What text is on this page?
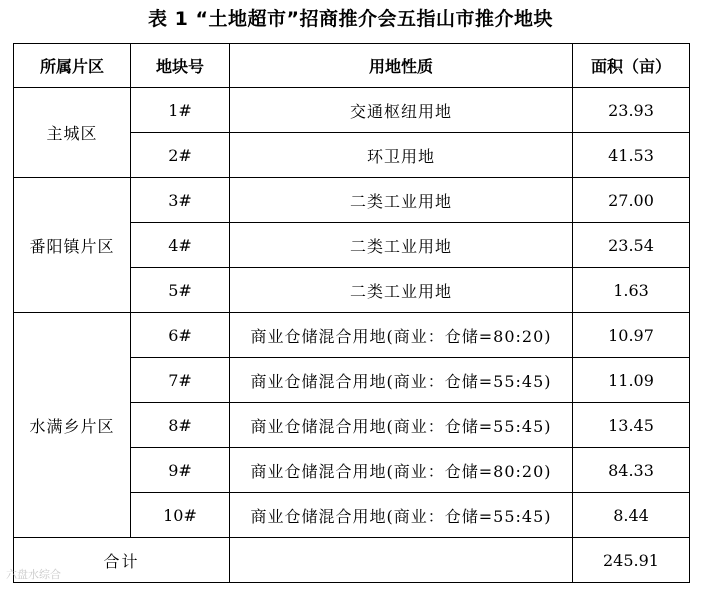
表 1 “土地超市”招商推介会五指山市推介地块
所属片区	地块号	用地性质	面积（亩）
主城区	1#	交通枢纽用地	23.93
	2#	环卫用地	41.53
番阳镇片区	3#	二类工业用地	27.00
	4#	二类工业用地	23.54
	5#	二类工业用地	1.63
水满乡片区	6#	商业仓储混合用地(商业：仓储=80:20)	10.97
	7#	商业仓储混合用地(商业：仓储=55:45)	11.09
	8#	商业仓储混合用地(商业：仓储=55:45)	13.45
	9#	商业仓储混合用地(商业：仓储=80:20)	84.33
	10#	商业仓储混合用地(商业：仓储=55:45)	8.44
合计			245.91
六盘水综合
